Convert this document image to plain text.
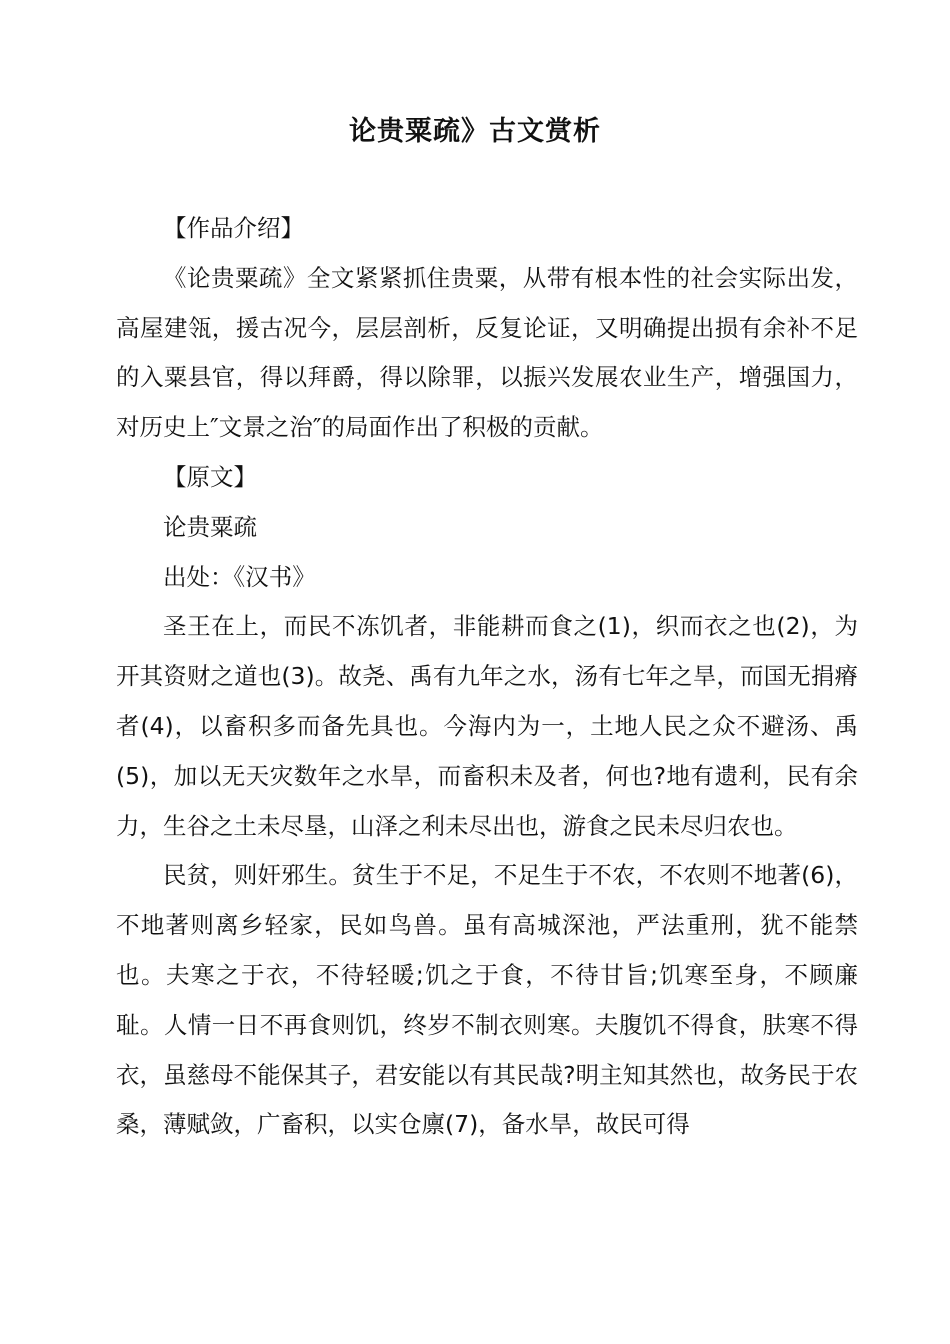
论贵粟疏》古文赏析

【作品介绍】

《论贵粟疏》全文紧紧抓住贵粟，从带有根本性的社会实际出发，高屋建瓴，援古况今，层层剖析，反复论证，又明确提出损有余补不足的入粟县官，得以拜爵，得以除罪，以振兴发展农业生产，增强国力，对历史上″文景之治″的局面作出了积极的贡献。

【原文】

论贵粟疏

出处：《汉书》

圣王在上，而民不冻饥者，非能耕而食之(1)，织而衣之也(2)，为开其资财之道也(3)。故尧、禹有九年之水，汤有七年之旱，而国无捐瘠者(4)，以畜积多而备先具也。今海内为一，土地人民之众不避汤、禹(5)，加以无天灾数年之水旱，而畜积未及者，何也?地有遗利，民有余力，生谷之土未尽垦，山泽之利未尽出也，游食之民未尽归农也。

民贫，则奸邪生。贫生于不足，不足生于不农，不农则不地著(6)，不地著则离乡轻家，民如鸟兽。虽有高城深池，严法重刑，犹不能禁也。夫寒之于衣，不待轻暖;饥之于食，不待甘旨;饥寒至身，不顾廉耻。人情一日不再食则饥，终岁不制衣则寒。夫腹饥不得食，肤寒不得衣，虽慈母不能保其子，君安能以有其民哉?明主知其然也，故务民于农桑，薄赋敛，广畜积，以实仓廪(7)，备水旱，故民可得
